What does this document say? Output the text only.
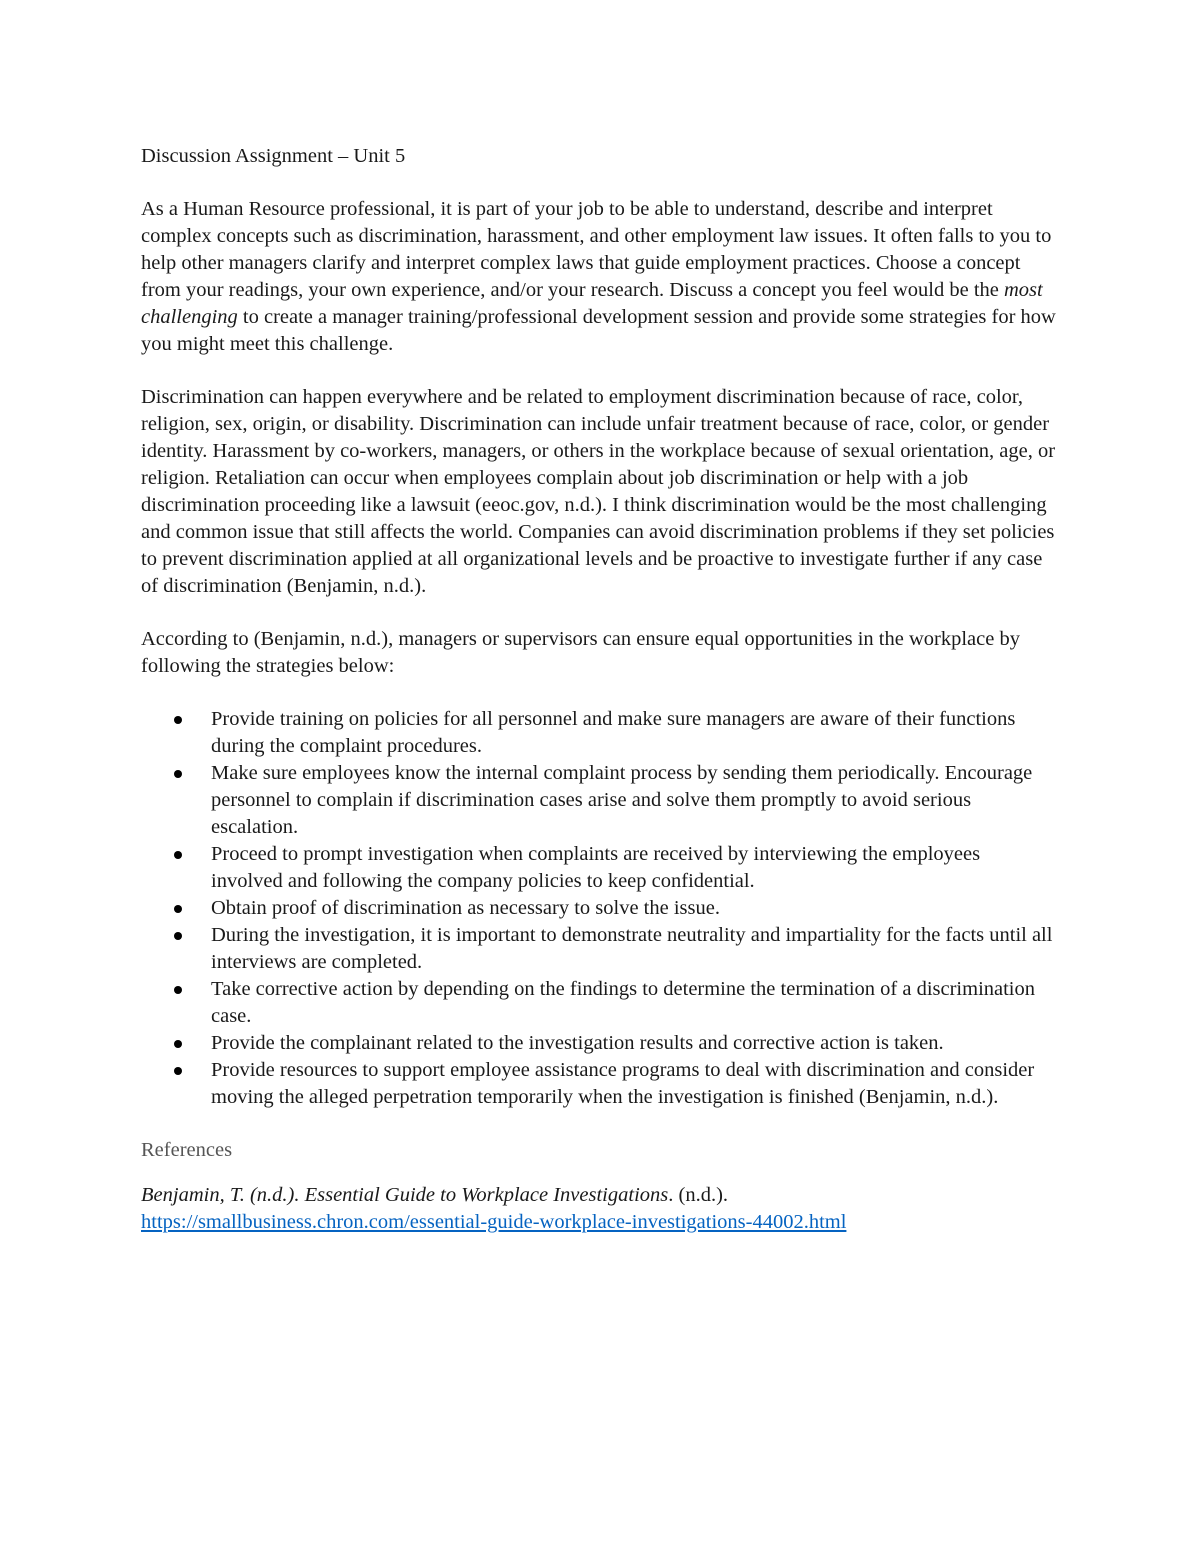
Discussion Assignment – Unit 5

As a Human Resource professional, it is part of your job to be able to understand, describe and interpret complex concepts such as discrimination, harassment, and other employment law issues. It often falls to you to help other managers clarify and interpret complex laws that guide employment practices. Choose a concept from your readings, your own experience, and/or your research. Discuss a concept you feel would be the most challenging to create a manager training/professional development session and provide some strategies for how you might meet this challenge.

Discrimination can happen everywhere and be related to employment discrimination because of race, color, religion, sex, origin, or disability. Discrimination can include unfair treatment because of race, color, or gender identity. Harassment by co-workers, managers, or others in the workplace because of sexual orientation, age, or religion. Retaliation can occur when employees complain about job discrimination or help with a job discrimination proceeding like a lawsuit (eeoc.gov, n.d.). I think discrimination would be the most challenging and common issue that still affects the world. Companies can avoid discrimination problems if they set policies to prevent discrimination applied at all organizational levels and be proactive to investigate further if any case of discrimination (Benjamin, n.d.).

According to (Benjamin, n.d.), managers or supervisors can ensure equal opportunities in the workplace by following the strategies below:

Provide training on policies for all personnel and make sure managers are aware of their functions during the complaint procedures.
Make sure employees know the internal complaint process by sending them periodically. Encourage personnel to complain if discrimination cases arise and solve them promptly to avoid serious escalation.
Proceed to prompt investigation when complaints are received by interviewing the employees involved and following the company policies to keep confidential.
Obtain proof of discrimination as necessary to solve the issue.
During the investigation, it is important to demonstrate neutrality and impartiality for the facts until all interviews are completed.
Take corrective action by depending on the findings to determine the termination of a discrimination case.
Provide the complainant related to the investigation results and corrective action is taken.
Provide resources to support employee assistance programs to deal with discrimination and consider moving the alleged perpetration temporarily when the investigation is finished (Benjamin, n.d.).
References

Benjamin, T. (n.d.). Essential Guide to Workplace Investigations. (n.d.).
https://smallbusiness.chron.com/essential-guide-workplace-investigations-44002.html
